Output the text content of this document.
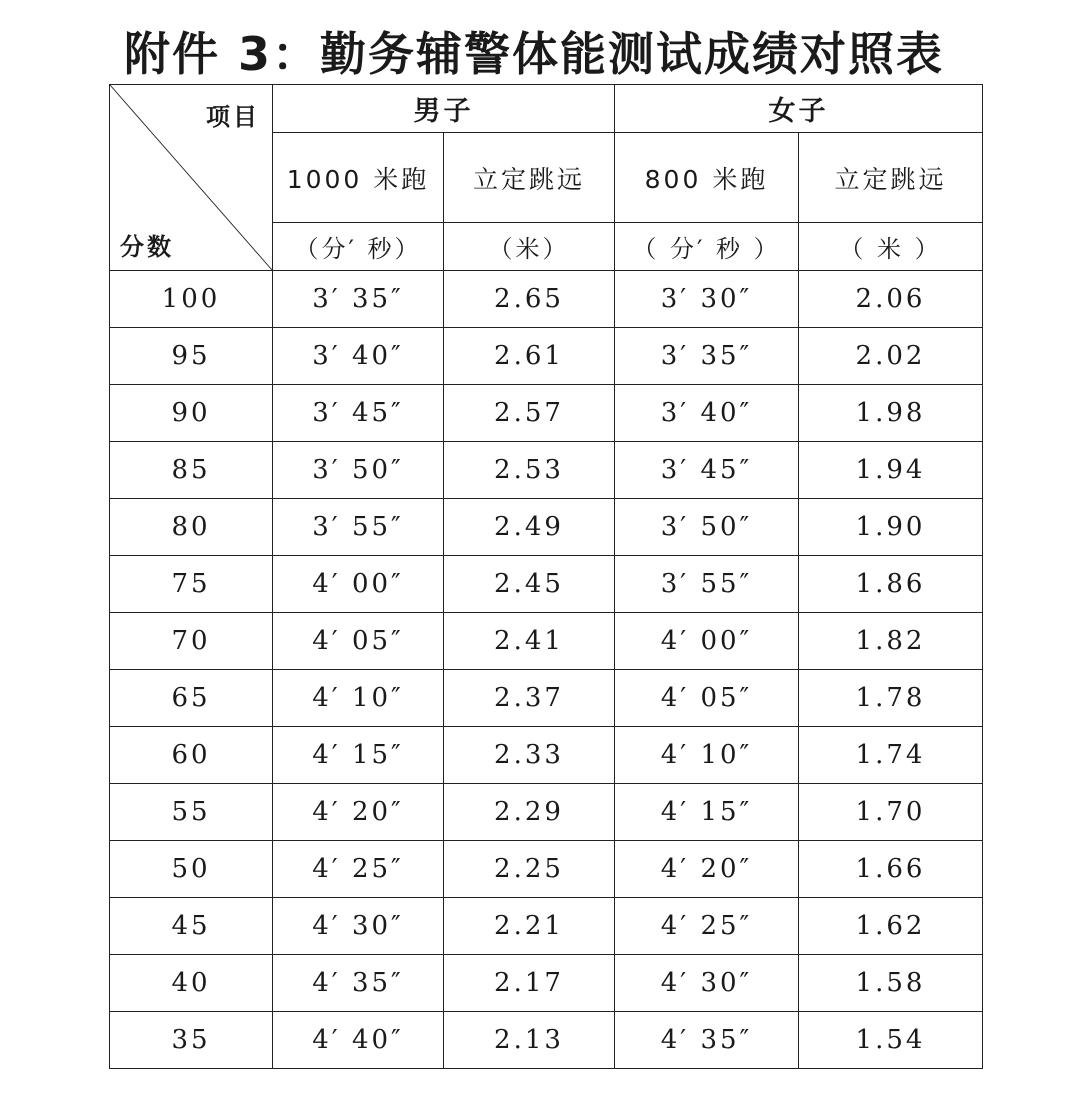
附件 3：勤务辅警体能测试成绩对照表
项目
分数	男子		女子	
	1000 米跑	立定跳远	800 米跑	立定跳远
	（分′ 秒）	（米）	（ 分′ 秒 ）	（ 米 ）
100	3′ 35″	2.65	3′ 30″	2.06
95	3′ 40″	2.61	3′ 35″	2.02
90	3′ 45″	2.57	3′ 40″	1.98
85	3′ 50″	2.53	3′ 45″	1.94
80	3′ 55″	2.49	3′ 50″	1.90
75	4′ 00″	2.45	3′ 55″	1.86
70	4′ 05″	2.41	4′ 00″	1.82
65	4′ 10″	2.37	4′ 05″	1.78
60	4′ 15″	2.33	4′ 10″	1.74
55	4′ 20″	2.29	4′ 15″	1.70
50	4′ 25″	2.25	4′ 20″	1.66
45	4′ 30″	2.21	4′ 25″	1.62
40	4′ 35″	2.17	4′ 30″	1.58
35	4′ 40″	2.13	4′ 35″	1.54
